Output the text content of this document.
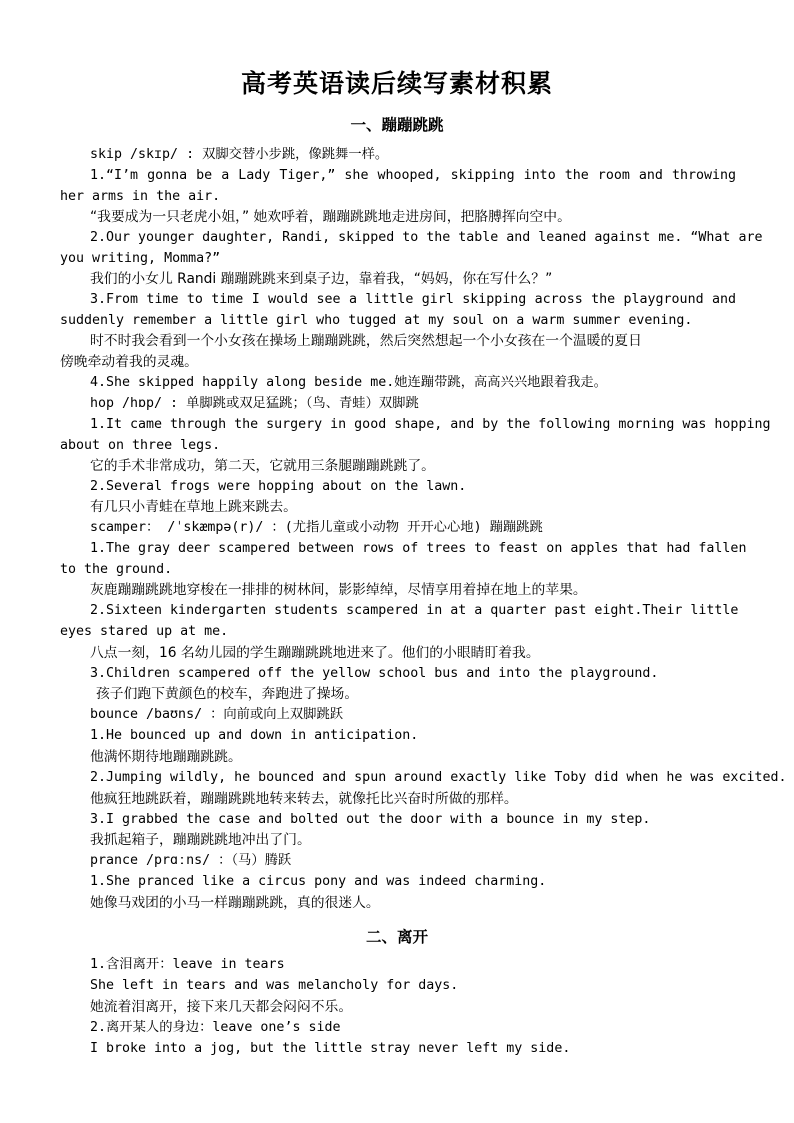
高考英语读后续写素材积累
一、蹦蹦跳跳
二、离开
skip /skɪp/ : 双脚交替小步跳，像跳舞一样。
1.“I’m gonna be a Lady Tiger,” she whooped, skipping into the room and throwing
her arms in the air.
“我要成为一只老虎小姐，” 她欢呼着，蹦蹦跳跳地走进房间，把胳膊挥向空中。
2.Our younger daughter, Randi, skipped to the table and leaned against me. “What are
you writing, Momma?”
我们的小女儿 Randi 蹦蹦跳跳来到桌子边，靠着我，“妈妈，你在写什么？”
3.From time to time I would see a little girl skipping across the playground and
suddenly remember a little girl who tugged at my soul on a warm summer evening.
时不时我会看到一个小女孩在操场上蹦蹦跳跳，然后突然想起一个小女孩在一个温暖的夏日
傍晚牵动着我的灵魂。
4.She skipped happily along beside me.她连蹦带跳，高高兴兴地跟着我走。
hop /hɒp/ : 单脚跳或双足猛跳；（鸟、青蛙）双脚跳
1.It came through the surgery in good shape, and by the following morning was hopping
about on three legs.
它的手术非常成功，第二天，它就用三条腿蹦蹦跳跳了。
2.Several frogs were hopping about on the lawn.
有几只小青蛙在草地上跳来跳去。
scamper： /ˈskæmpə(r)/ ：(尤指儿童或小动物 开开心心地) 蹦蹦跳跳
1.The gray deer scampered between rows of trees to feast on apples that had fallen
to the ground.
灰鹿蹦蹦跳跳地穿梭在一排排的树林间，影影绰绰，尽情享用着掉在地上的苹果。
2.Sixteen kindergarten students scampered in at a quarter past eight.Their little
eyes stared up at me.
八点一刻，16 名幼儿园的学生蹦蹦跳跳地进来了。他们的小眼睛盯着我。
3.Children scampered off the yellow school bus and into the playground.
孩子们跑下黄颜色的校车，奔跑进了操场。
bounce /baʊns/ ：向前或向上双脚跳跃
1.He bounced up and down in anticipation.
他满怀期待地蹦蹦跳跳。
2.Jumping wildly, he bounced and spun around exactly like Toby did when he was excited.
他疯狂地跳跃着，蹦蹦跳跳地转来转去，就像托比兴奋时所做的那样。
3.I grabbed the case and bolted out the door with a bounce in my step.
我抓起箱子，蹦蹦跳跳地冲出了门。
prance /prɑːns/ ：（马）腾跃
1.She pranced like a circus pony and was indeed charming.
她像马戏团的小马一样蹦蹦跳跳，真的很迷人。
1.含泪离开：leave in tears
She left in tears and was melancholy for days.
她流着泪离开，接下来几天都会闷闷不乐。
2.离开某人的身边：leave one’s side
I broke into a jog, but the little stray never left my side.
